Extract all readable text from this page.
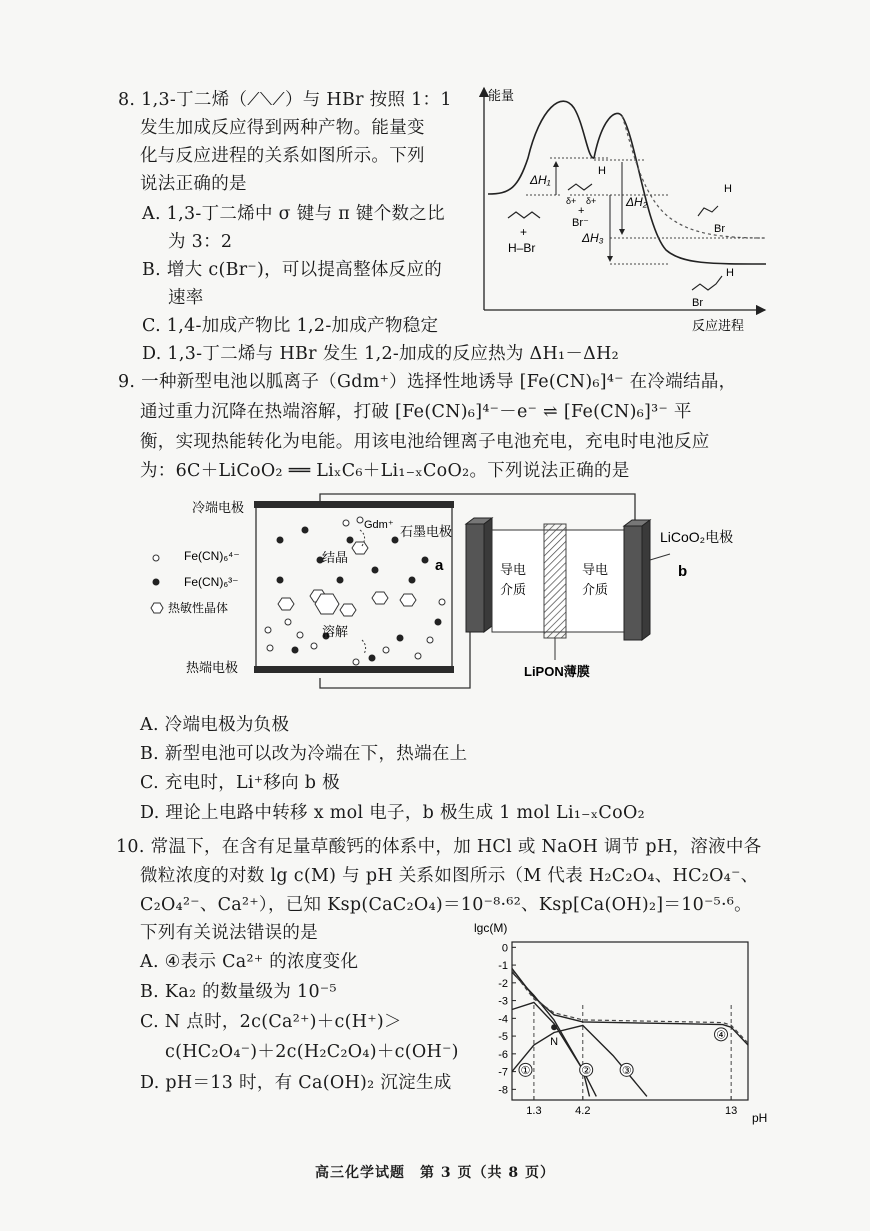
8. 1,3-丁二烯（⟋⟍⟋）与 HBr 按照 1：1
发生加成反应得到两种产物。能量变
化与反应进程的关系如图所示。下列
说法正确的是
A. 1,3-丁二烯中 σ 键与 π 键个数之比
为 3：2
B. 增大 c(Br⁻)，可以提高整体反应的
速率
C. 1,4-加成产物比 1,2-加成产物稳定
D. 1,3-丁二烯与 HBr 发生 1,2-加成的反应热为 ΔH₁－ΔH₂
能量
反应进程
ΔH₁
ΔH₂
ΔH₃
+
H–Br
H
δ+ δ+
+
Br⁻
H
Br
H
Br
9. 一种新型电池以胍离子（Gdm⁺）选择性地诱导 [Fe(CN)₆]⁴⁻ 在冷端结晶，
通过重力沉降在热端溶解，打破 [Fe(CN)₆]⁴⁻－e⁻ ⇌ [Fe(CN)₆]³⁻ 平
衡，实现热能转化为电能。用该电池给锂离子电池充电，充电时电池反应
为：6C＋LiCoO₂ ══ LiₓC₆＋Li₁₋ₓCoO₂。下列说法正确的是
冷端电极
热端电极
Fe(CN)₆⁴⁻
Fe(CN)₆³⁻
热敏性晶体
Gdm⁺
结晶
溶解
石墨电极
a	导电
介质
导电
介质
LiPON薄膜
LiCoO₂电极
b
A. 冷端电极为负极
B. 新型电池可以改为冷端在下，热端在上
C. 充电时，Li⁺移向 b 极
D. 理论上电路中转移 x mol 电子，b 极生成 1 mol Li₁₋ₓCoO₂
10. 常温下，在含有足量草酸钙的体系中，加 HCl 或 NaOH 调节 pH，溶液中各
微粒浓度的对数 lg c(M) 与 pH 关系如图所示（M 代表 H₂C₂O₄、HC₂O₄⁻、
C₂O₄²⁻、Ca²⁺），已知 Ksp(CaC₂O₄)＝10⁻⁸·⁶²、Ksp[Ca(OH)₂]＝10⁻⁵·⁶。
下列有关说法错误的是
A. ④表示 Ca²⁺ 的浓度变化
B. Ka₂ 的数量级为 10⁻⁵
C. N 点时，2c(Ca²⁺)＋c(H⁺)＞
c(HC₂O₄⁻)＋2c(H₂C₂O₄)＋c(OH⁻)
D. pH＝13 时，有 Ca(OH)₂ 沉淀生成
lgc(M)
pH
0
-1
-2
-3
-4
-5
-6
-7
-8
1.3	4.2	13
①	②	③
④
N
高三化学试题　第 3 页（共 8 页）
